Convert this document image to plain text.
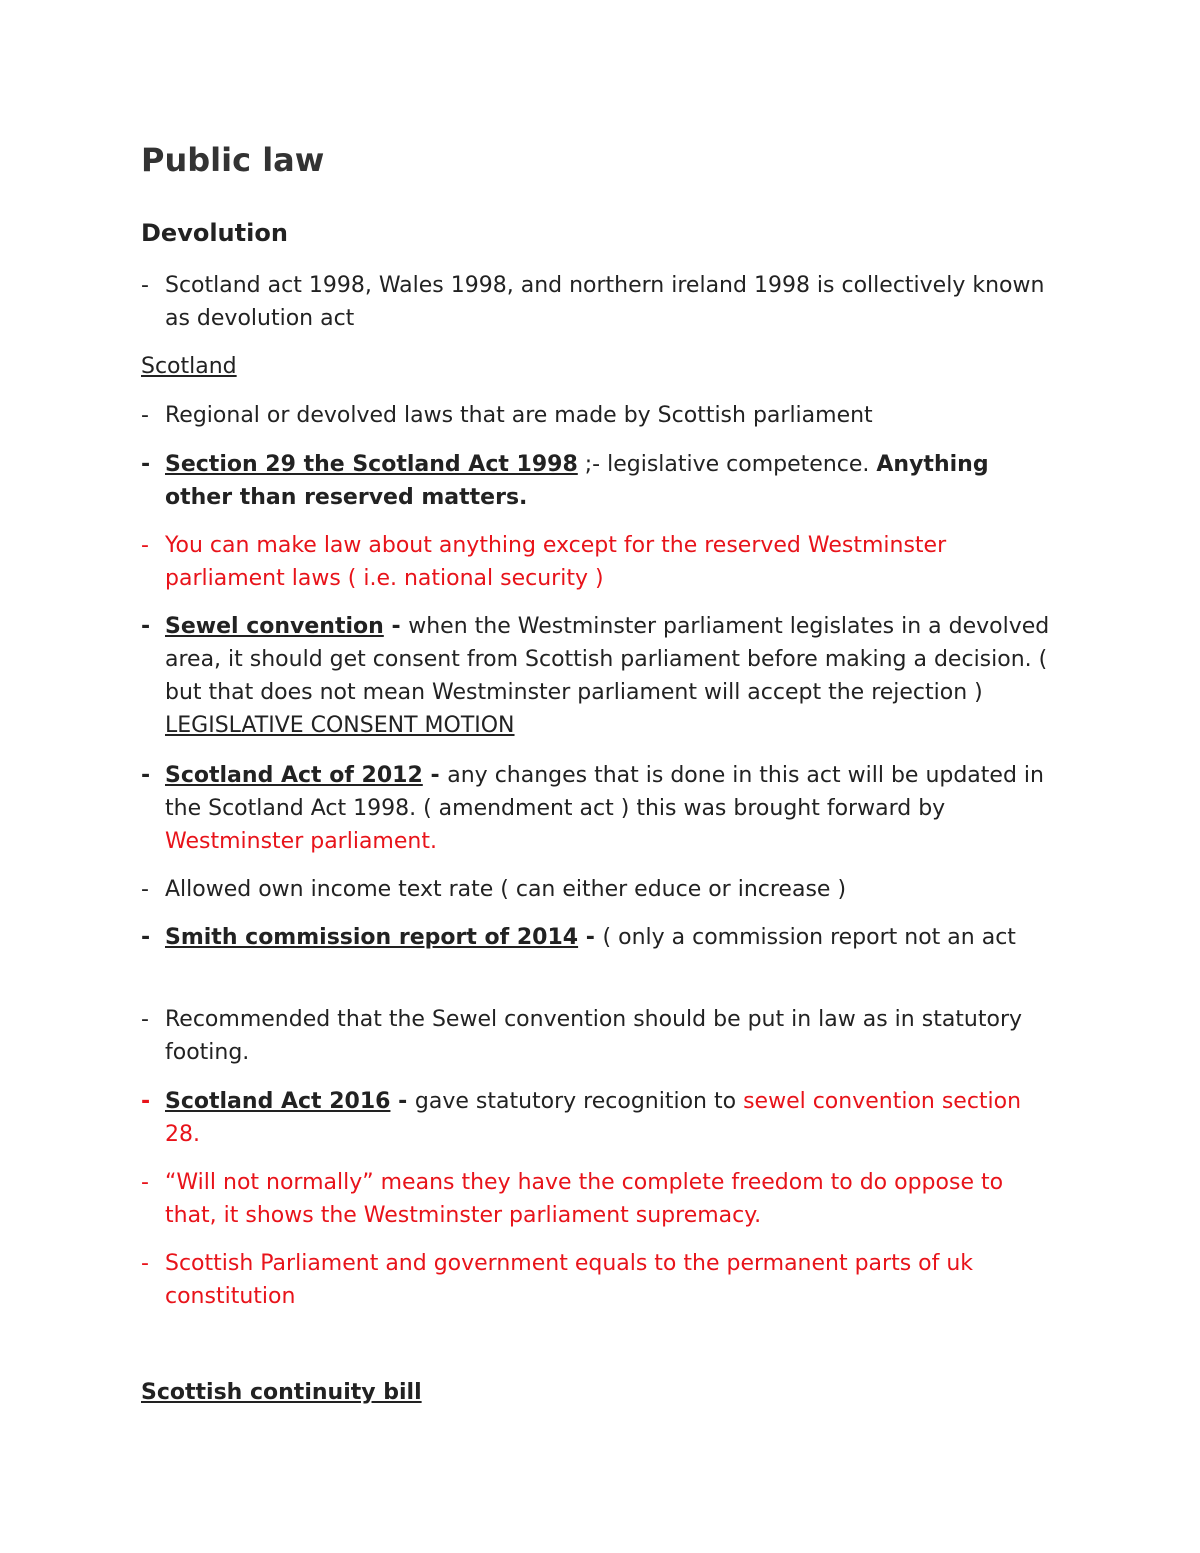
Public law
Devolution
- Scotland act 1998, Wales 1998, and northern ireland 1998 is collectively known as devolution act
Scotland
- Regional or devolved laws that are made by Scottish parliament
- Section 29 the Scotland Act 1998 ;- legislative competence. Anything other than reserved matters.
- You can make law about anything except for the reserved Westminster parliament laws ( i.e. national security )
- Sewel convention - when the Westminster parliament legislates in a devolved area, it should get consent from Scottish parliament before making a decision. ( but that does not mean Westminster parliament will accept the rejection ) LEGISLATIVE CONSENT MOTION
- Scotland Act of 2012 - any changes that is done in this act will be updated in the Scotland Act 1998. ( amendment act ) this was brought forward by Westminster parliament.
- Allowed own income text rate ( can either educe or increase )
- Smith commission report of 2014 - ( only a commission report not an act
- Recommended that the Sewel convention should be put in law as in statutory footing.
- Scotland Act 2016 - gave statutory recognition to sewel convention section 28.
- “Will not normally” means they have the complete freedom to do oppose to that, it shows the Westminster parliament supremacy.
- Scottish Parliament and government equals to the permanent parts of uk constitution
Scottish continuity bill
